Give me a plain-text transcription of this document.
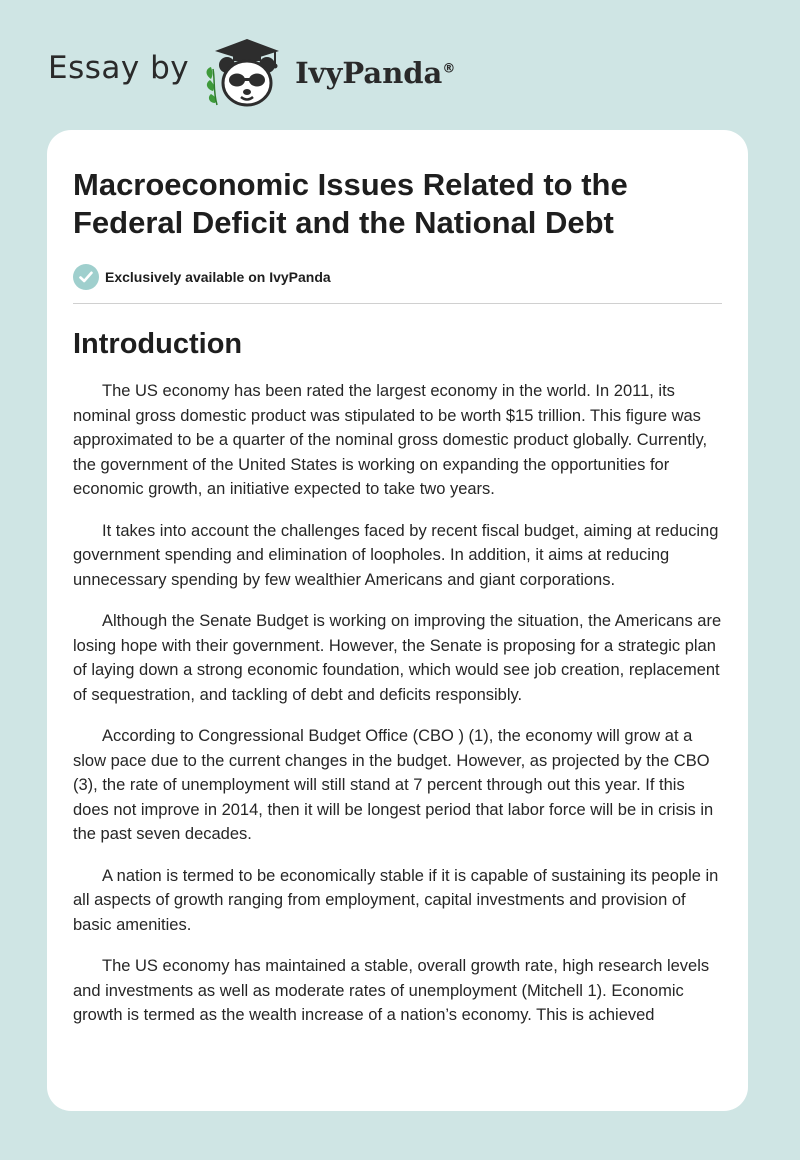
Essay by	IvyPanda®
Macroeconomic Issues Related to the Federal Deficit and the National Debt
Exclusively available on IvyPanda
Introduction

The US economy has been rated the largest economy in the world. In 2011, its nominal gross domestic product was stipulated to be worth $15 trillion. This figure was approximated to be a quarter of the nominal gross domestic product globally. Currently, the government of the United States is working on expanding the opportunities for economic growth, an initiative expected to take two years.

It takes into account the challenges faced by recent fiscal budget, aiming at reducing government spending and elimination of loopholes. In addition, it aims at reducing unnecessary spending by few wealthier Americans and giant corporations.

Although the Senate Budget is working on improving the situation, the Americans are losing hope with their government. However, the Senate is proposing for a strategic plan of laying down a strong economic foundation, which would see job creation, replacement of sequestration, and tackling of debt and deficits responsibly.

According to Congressional Budget Office (CBO ) (1), the economy will grow at a slow pace due to the current changes in the budget. However, as projected by the CBO (3), the rate of unemployment will still stand at 7 percent through out this year. If this does not improve in 2014, then it will be longest period that labor force will be in crisis in the past seven decades.

A nation is termed to be economically stable if it is capable of sustaining its people in all aspects of growth ranging from employment, capital investments and provision of basic amenities.

The US economy has maintained a stable, overall growth rate, high research levels and investments as well as moderate rates of unemployment (Mitchell 1). Economic growth is termed as the wealth increase of a nation’s economy. This is achieved
